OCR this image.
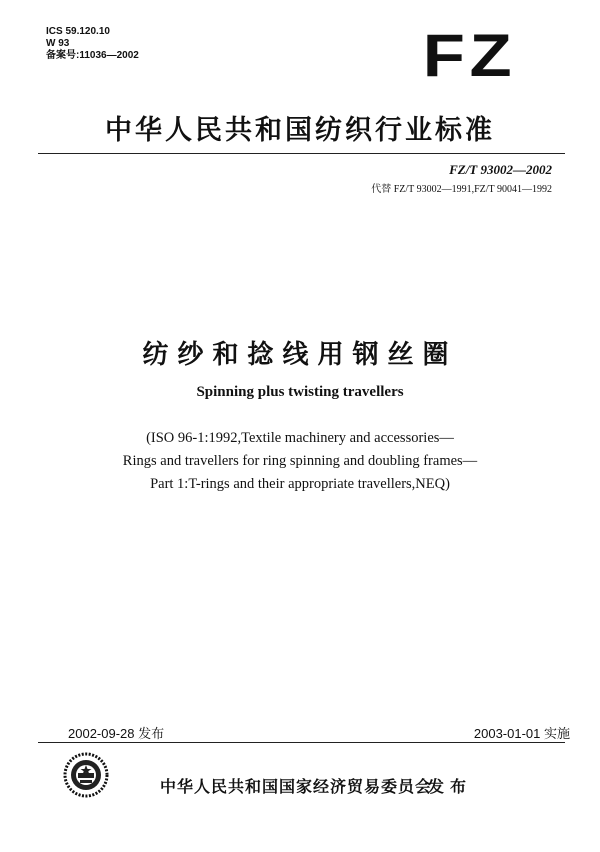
ICS 59.120.10
W 93
备案号:11036—2002	FZ
中华人民共和国纺织行业标准
FZ/T 93002—2002
代替 FZ/T 93002—1991,FZ/T 90041—1992
纺纱和捻线用钢丝圈
Spinning plus twisting travellers
(ISO 96-1:1992,Textile machinery and accessories—
Rings and travellers for ring spinning and doubling frames—
Part 1:T-rings and their appropriate travellers,NEQ)
2002-09-28 发布	2003-01-01 实施
中华人民共和国国家经济贸易委员会
发布
